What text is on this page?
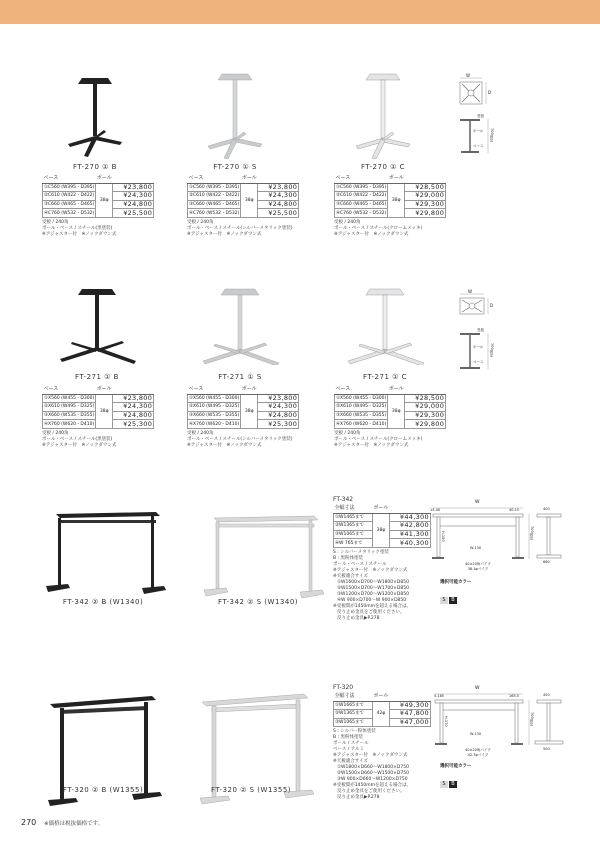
W
D
受板
ポール
ベース
700固定
FT-270 ① B	FT-270 ① S	FT-270 ① C
ベース	ポール	
①C560 (W395・D395)	38φ	¥23,800
②C610 (W422・D422)		¥24,300
③C660 (W465・D465)		¥24,800
④C760 (W532・D532)		¥25,500
受板 / 240角
ポール・ベース / スチール(黒塗装)
※アジャスター付　※ノックダウン式
ベース	ポール	
①C560 (W395・D395)	38φ	¥23,800
②C610 (W422・D422)		¥24,300
③C660 (W465・D465)		¥24,800
④C760 (W532・D532)		¥25,500
受板 / 240角
ポール・ベース / スチール(シルバーメタリック塗装)
※アジャスター付　※ノックダウン式
ベース	ポール	
①C560 (W395・D395)	38φ	¥28,500
②C610 (W422・D422)		¥29,000
③C660 (W465・D465)		¥29,300
④C760 (W532・D532)		¥29,800
受板 / 240角
ポール・ベース / スチール(クロームメッキ)
※アジャスター付　※ノックダウン式
W
D
受板
ポール
ベース
700固定
FT-271 ① B	FT-271 ① S	FT-271 ① C
ベース	ポール	
①X560 (W455・D300)	38φ	¥23,800
②X610 (W495・D325)		¥24,300
③X660 (W535・D355)		¥24,800
④X760 (W620・D410)		¥25,300
受板 / 240角
ポール・ベース / スチール(黒塗装)
※アジャスター付　※ノックダウン式
ベース	ポール	
①X560 (W455・D300)	38φ	¥23,800
②X610 (W495・D325)		¥24,300
③X660 (W535・D355)		¥24,800
④X760 (W620・D410)		¥25,300
受板 / 240角
ポール・ベース / スチール(シルバーメタリック塗装)
※アジャスター付　※ノックダウン式
ベース	ポール	
①X560 (W455・D300)	38φ	¥28,500
②X610 (W495・D325)		¥29,000
③X660 (W535・D355)		¥29,300
④X760 (W620・D410)		¥29,800
受板 / 240角
ポール・ベース / スチール(クロームメッキ)
※アジャスター付　※ノックダウン式
FT-342 ② B (W1340)	FT-342 ② S (W1340)
FT-342
全幅寸法	ポール	
①W1465まで	38φ	¥44,300
②W1365まで		¥42,800
③W1065まで		¥41,300
④W 765まで		¥40,300
S : シルバーメタリック塗装
B : 黒粉体塗装
ポール・ベース / スチール
※アジャスター付　※ノックダウン式
※天板適合サイズ
①W1600×D700〜W1800×D850
②W1500×D700〜W1700×D850
③W1200×D700〜W1200×D850
④W 900×D700〜W 900×D850
※受板間が1450mmを超える場合は、
反り止め金具をご使用ください。
反り止め金具▶P.278
W
15.40	40.15	400
700固定
H-150
W-130
660
40×20角パイプ
38.1φパイプ
選択可能カラー
S B
FT-320 ② B (W1355)	FT-320 ② S (W1355)
FT-320
全幅寸法	ポール	
①W1665まで	42φ	¥49,300
②W1365まで		¥47,800
③W1065まで		¥47,000
S : シルバー粉体塗装
B : 黒粉体塗装
ポール / スチール
ベース / アルミ
※アジャスター付　※ノックダウン式
※天板適合サイズ
①W1800×D660〜W1800×D750
②W1500×D660〜W1500×D750
③W 900×D660〜W1200×D750
※受板間が1450mmを超える場合は、
反り止め金具をご使用ください。
反り止め金具▶P.278
W
5.165	165.5	450
700固定
H-170
W-130
500
40×20角パイプ
42.7φパイプ
選択可能カラー
S B
270 ※価格は税抜価格です。
